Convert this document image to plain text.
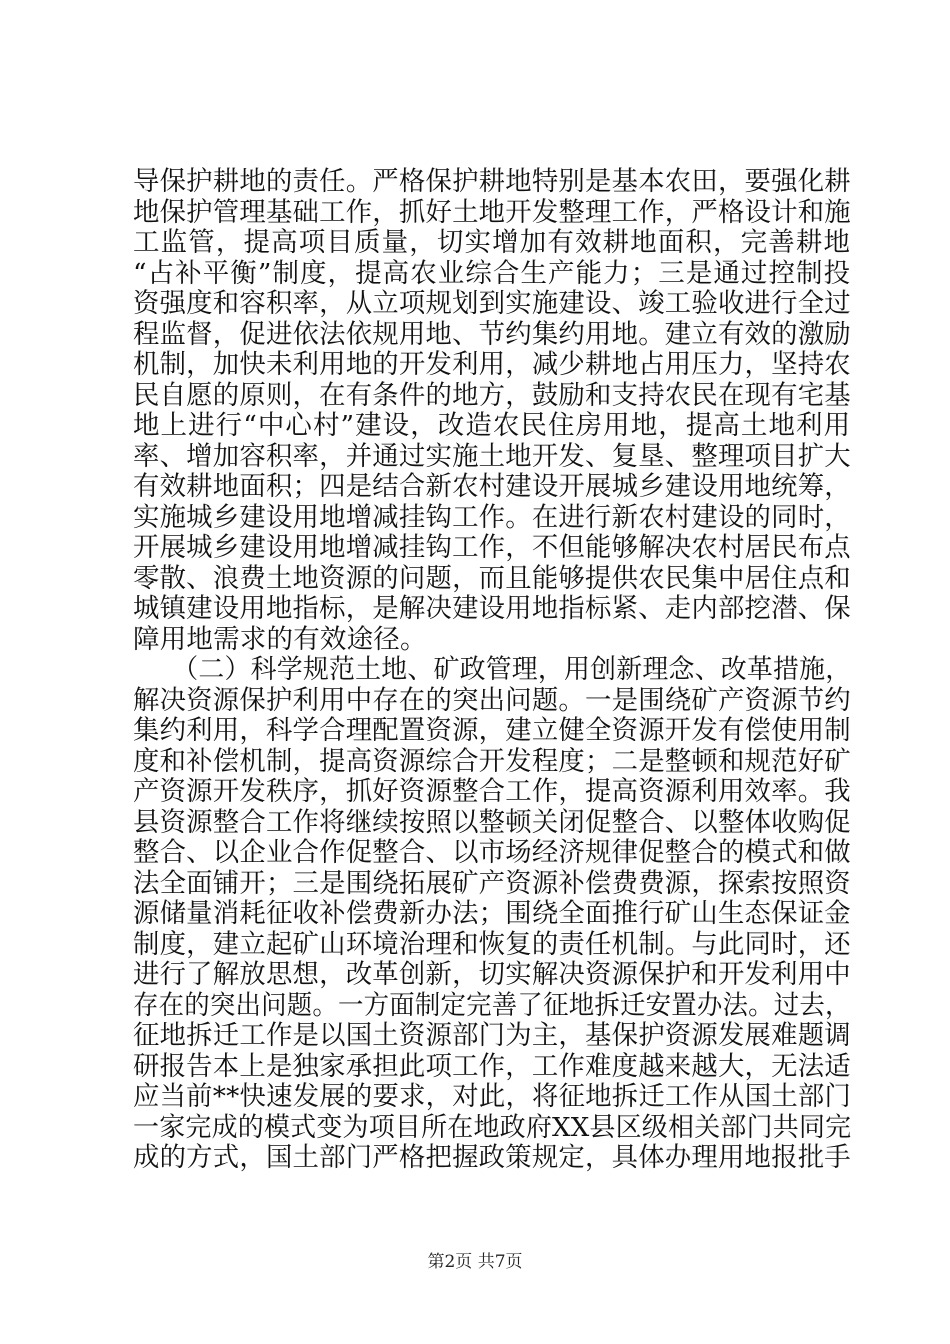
导保护耕地的责任。严格保护耕地特别是基本农田，要强化耕
地保护管理基础工作，抓好土地开发整理工作，严格设计和施
工监管，提高项目质量，切实增加有效耕地面积，完善耕地
“占补平衡”制度，提高农业综合生产能力；三是通过控制投
资强度和容积率，从立项规划到实施建设、竣工验收进行全过
程监督，促进依法依规用地、节约集约用地。建立有效的激励
机制，加快未利用地的开发利用，减少耕地占用压力，坚持农
民自愿的原则，在有条件的地方，鼓励和支持农民在现有宅基
地上进行“中心村”建设，改造农民住房用地，提高土地利用
率、增加容积率，并通过实施土地开发、复垦、整理项目扩大
有效耕地面积；四是结合新农村建设开展城乡建设用地统筹，
实施城乡建设用地增减挂钩工作。在进行新农村建设的同时，
开展城乡建设用地增减挂钩工作，不但能够解决农村居民布点
零散、浪费土地资源的问题，而且能够提供农民集中居住点和
城镇建设用地指标，是解决建设用地指标紧、走内部挖潜、保
障用地需求的有效途径。
　　（二）科学规范土地、矿政管理，用创新理念、改革措施，
解决资源保护利用中存在的突出问题。一是围绕矿产资源节约
集约利用，科学合理配置资源，建立健全资源开发有偿使用制
度和补偿机制，提高资源综合开发程度；二是整顿和规范好矿
产资源开发秩序，抓好资源整合工作，提高资源利用效率。我
县资源整合工作将继续按照以整顿关闭促整合、以整体收购促
整合、以企业合作促整合、以市场经济规律促整合的模式和做
法全面铺开；三是围绕拓展矿产资源补偿费费源，探索按照资
源储量消耗征收补偿费新办法；围绕全面推行矿山生态保证金
制度，建立起矿山环境治理和恢复的责任机制。与此同时，还
进行了解放思想，改革创新，切实解决资源保护和开发利用中
存在的突出问题。一方面制定完善了征地拆迁安置办法。过去，
征地拆迁工作是以国土资源部门为主，基保护资源发展难题调
研报告本上是独家承担此项工作，工作难度越来越大，无法适
应当前**快速发展的要求，对此，将征地拆迁工作从国土部门
一家完成的模式变为项目所在地政府XX县区级相关部门共同完
成的方式，国土部门严格把握政策规定，具体办理用地报批手
第2页 共7页
